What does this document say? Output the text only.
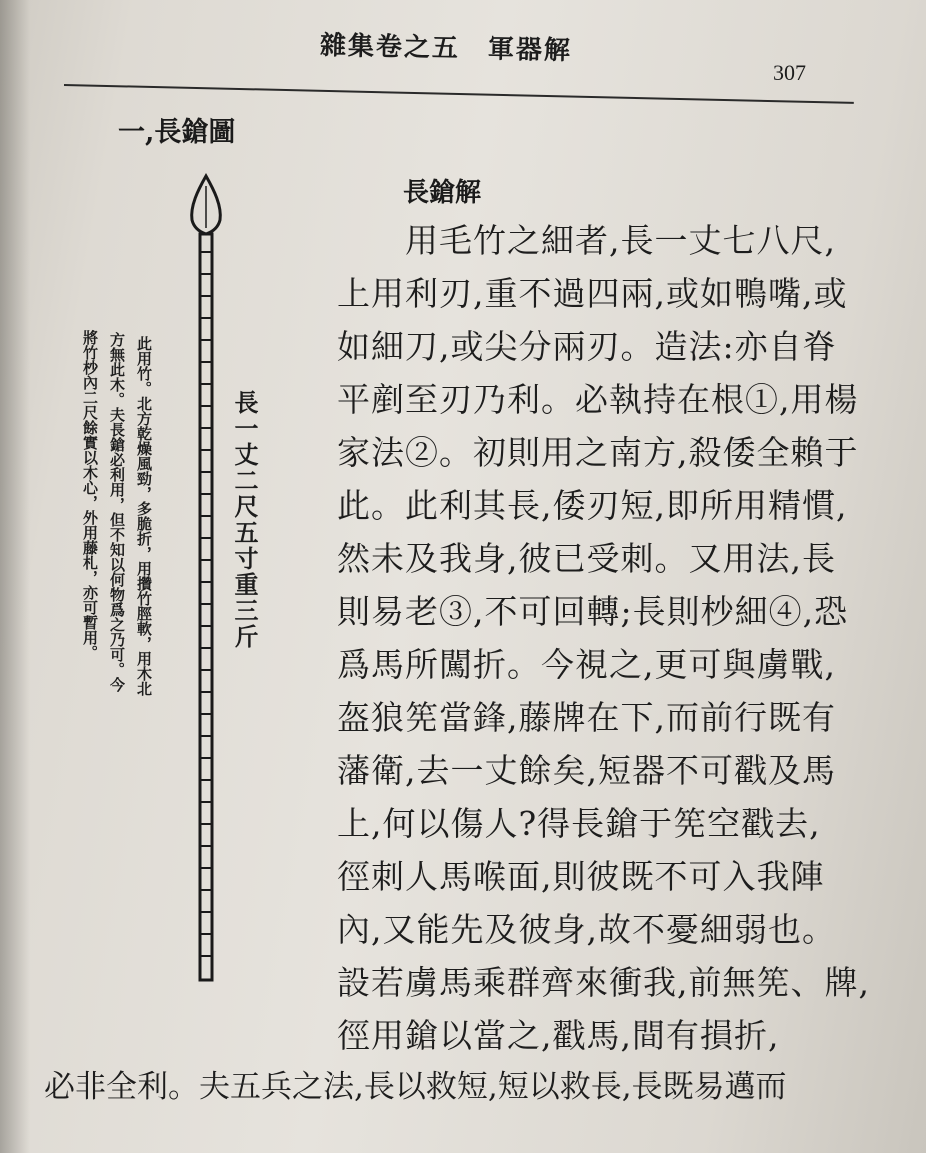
雜集卷之五　軍器解
307
一,長鎗圖
長一丈二尺五寸重三斤
此用竹。北方乾燥風勁，多脆折，用攢竹脛軟，用木北
方無此木。夫長鎗必利用，但不知以何物爲之乃可。今
將竹杪內二尺餘實以木心，外用藤札，亦可暫用。
長鎗解
用毛竹之細者,長一丈七八尺,
上用利刃,重不過四兩,或如鴨嘴,或
如細刀,或尖分兩刃。造法:亦自脊
平剷至刃乃利。必執持在根①,用楊
家法②。初則用之南方,殺倭全賴于
此。此利其長,倭刃短,即所用精慣,
然未及我身,彼已受刺。又用法,長
則易老③,不可回轉;長則杪細④,恐
爲馬所闖折。今視之,更可與虜戰,
盔狼筅當鋒,藤牌在下,而前行既有
藩衛,去一丈餘矣,短器不可戳及馬
上,何以傷人?得長鎗于筅空戳去,
徑刺人馬喉面,則彼既不可入我陣
內,又能先及彼身,故不憂細弱也。
設若虜馬乘群齊來衝我,前無筅、牌,
徑用鎗以當之,戳馬,間有損折,
必非全利。夫五兵之法,長以救短,短以救長,長既易邁而
